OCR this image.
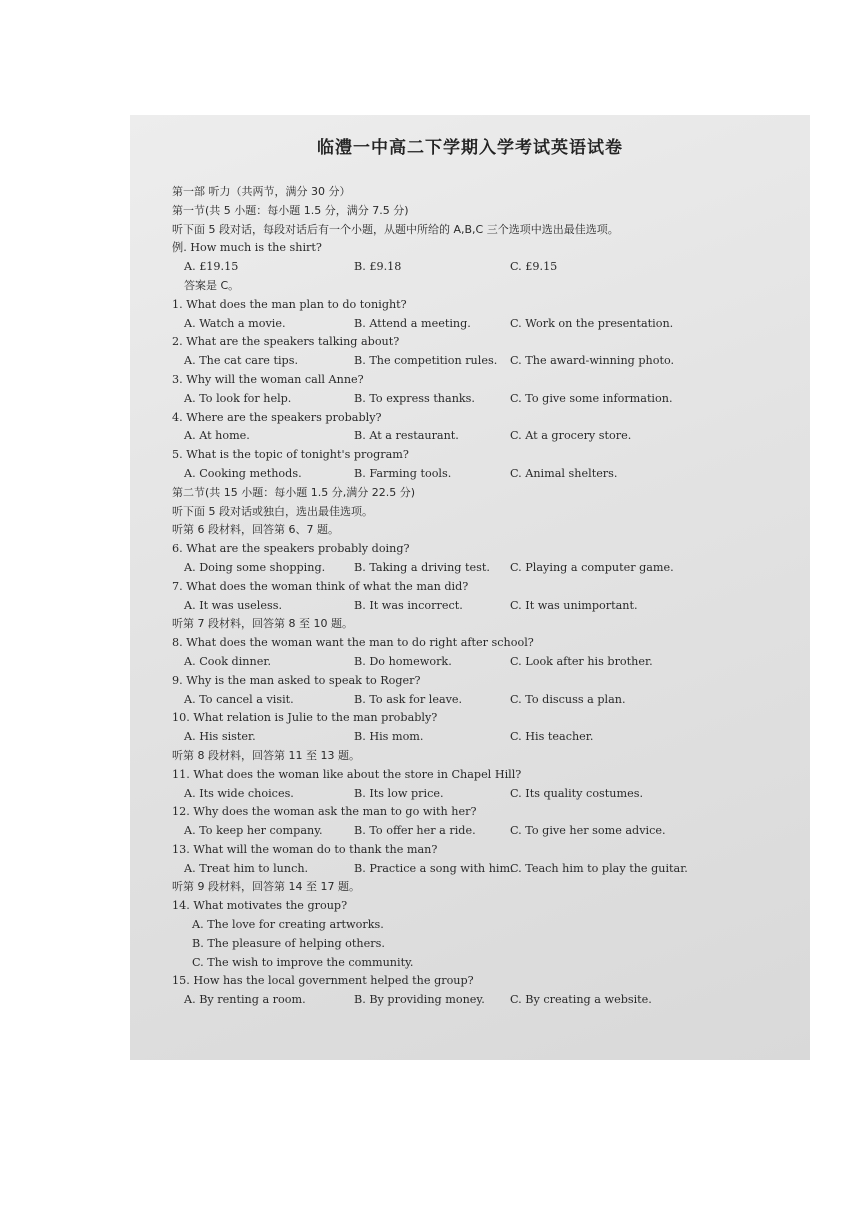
临澧一中高二下学期入学考试英语试卷
第一部 听力（共两节，满分 30 分）
第一节(共 5 小题：每小题 1.5 分，满分 7.5 分)
听下面 5 段对话，每段对话后有一个小题，从题中所给的 A,B,C 三个选项中选出最佳选项。
例. How much is the shirt?
A. £19.15	B. £9.18	C. £9.15
答案是 C。
1. What does the man plan to do tonight?
A. Watch a movie.	B. Attend a meeting.	C. Work on the presentation.
2. What are the speakers talking about?
A. The cat care tips.	B. The competition rules. C. The award-winning photo.
3. Why will the woman call Anne?
A. To look for help.	B. To express thanks.	C. To give some information.
4. Where are the speakers probably?
A. At home.	B. At a restaurant.	C. At a grocery store.
5. What is the topic of tonight's program?
A. Cooking methods.	B. Farming tools.	C. Animal shelters.
第二节(共 15 小题：每小题 1.5 分,满分 22.5 分)
听下面 5 段对话或独白，选出最佳选项。
听第 6 段材料，回答第 6、7 题。
6. What are the speakers probably doing?
A. Doing some shopping.	B. Taking a driving test. C. Playing a computer game.
7. What does the woman think of what the man did?
A. It was useless.	B. It was incorrect.	C. It was unimportant.
听第 7 段材料，回答第 8 至 10 题。
8. What does the woman want the man to do right after school?
A. Cook dinner.	B. Do homework.	C. Look after his brother.
9. Why is the man asked to speak to Roger?
A. To cancel a visit.	B. To ask for leave.	C. To discuss a plan.
10. What relation is Julie to the man probably?
A. His sister.	B. His mom.	C. His teacher.
听第 8 段材料，回答第 11 至 13 题。
11. What does the woman like about the store in Chapel Hill?
A. Its wide choices.	B. Its low price.	C. Its quality costumes.
12. Why does the woman ask the man to go with her?
A. To keep her company.	B. To offer her a ride.	C. To give her some advice.
13. What will the woman do to thank the man?
A. Treat him to lunch.	B. Practice a song with him.
C. Teach him to play the guitar.
听第 9 段材料，回答第 14 至 17 题。
14. What motivates the group?
A. The love for creating artworks.
B. The pleasure of helping others.
C. The wish to improve the community.
15. How has the local government helped the group?
A. By renting a room.	B. By providing money. C. By creating a website.
